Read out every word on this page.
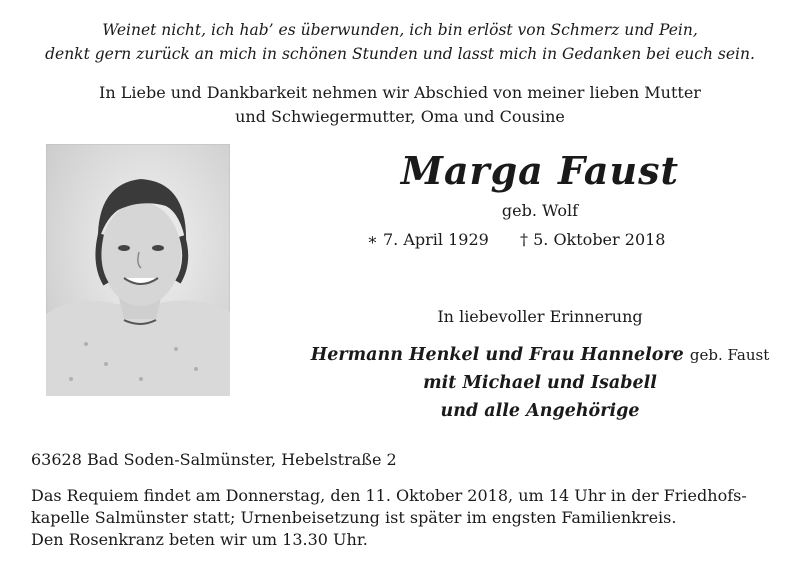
Weinet nicht, ich hab’ es überwunden, ich bin erlöst von Schmerz und Pein,
denkt gern zurück an mich in schönen Stunden und lasst mich in Gedanken bei euch sein.
In Liebe und Dankbarkeit nehmen wir Abschied von meiner lieben Mutter
und Schwiegermutter, Oma und Cousine
Marga Faust
geb. Wolf
∗ 7. April 1929 † 5. Oktober 2018
In liebevoller Erinnerung
Hermann Henkel und Frau Hannelore geb. Faust
mit Michael und Isabell
und alle Angehörige
63628 Bad Soden-Salmünster, Hebelstraße 2
Das Requiem findet am Donnerstag, den 11. Oktober 2018, um 14 Uhr in der Friedhofs-
kapelle Salmünster statt; Urnenbeisetzung ist später im engsten Familienkreis.
Den Rosenkranz beten wir um 13.30 Uhr.
